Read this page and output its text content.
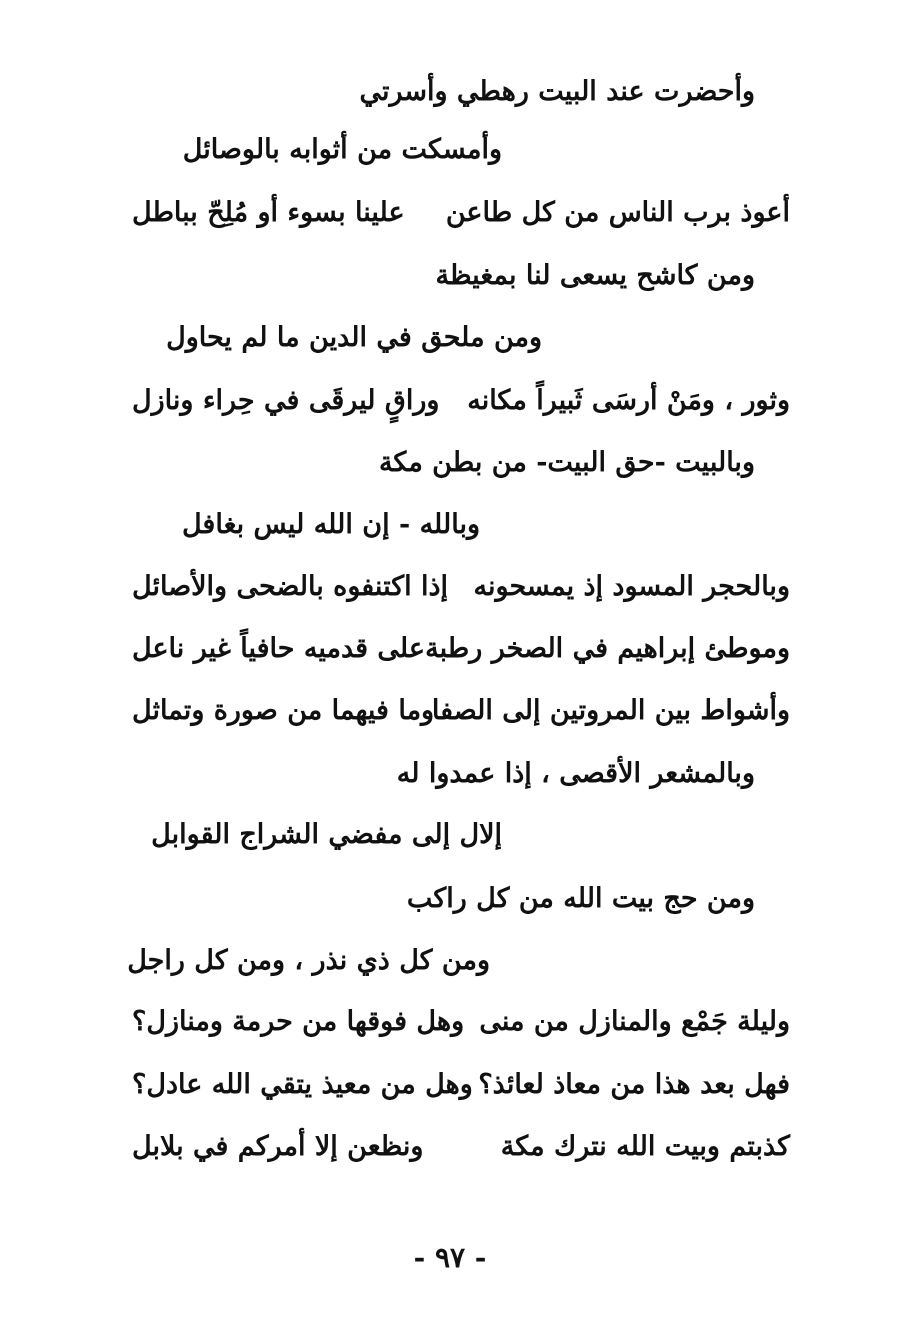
وأحضرت عند البيت رهطي وأسرتي
وأمسكت من أثوابه بالوصائل
أعوذ برب الناس من كل طاعن
علينا بسوء أو مُلِحّ بباطل
ومن كاشح يسعى لنا بمغيظة
ومن ملحق في الدين ما لم يحاول
وثور ، ومَنْ أرسَى ثَبيراً مكانه
وراقٍ ليرقَى في حِراء ونازل
وبالبيت -حق البيت- من بطن مكة
وبالله - إن الله ليس بغافل
وبالحجر المسود إذ يمسحونه
إذا اكتنفوه بالضحى والأصائل
وموطئ إبراهيم في الصخر رطبة
على قدميه حافياً غير ناعل
وأشواط بين المروتين إلى الصفا
وما فيهما من صورة وتماثل
وبالمشعر الأقصى ، إذا عمدوا له
إلال إلى مفضي الشراج القوابل
ومن حج بيت الله من كل راكب
ومن كل ذي نذر ، ومن كل راجل
وليلة جَمْع والمنازل من منى
وهل فوقها من حرمة ومنازل؟
فهل بعد هذا من معاذ لعائذ؟
وهل من معيذ يتقي الله عادل؟
كذبتم وبيت الله نترك مكة
ونظعن إلا أمركم في بلابل
- ٩٧ -
